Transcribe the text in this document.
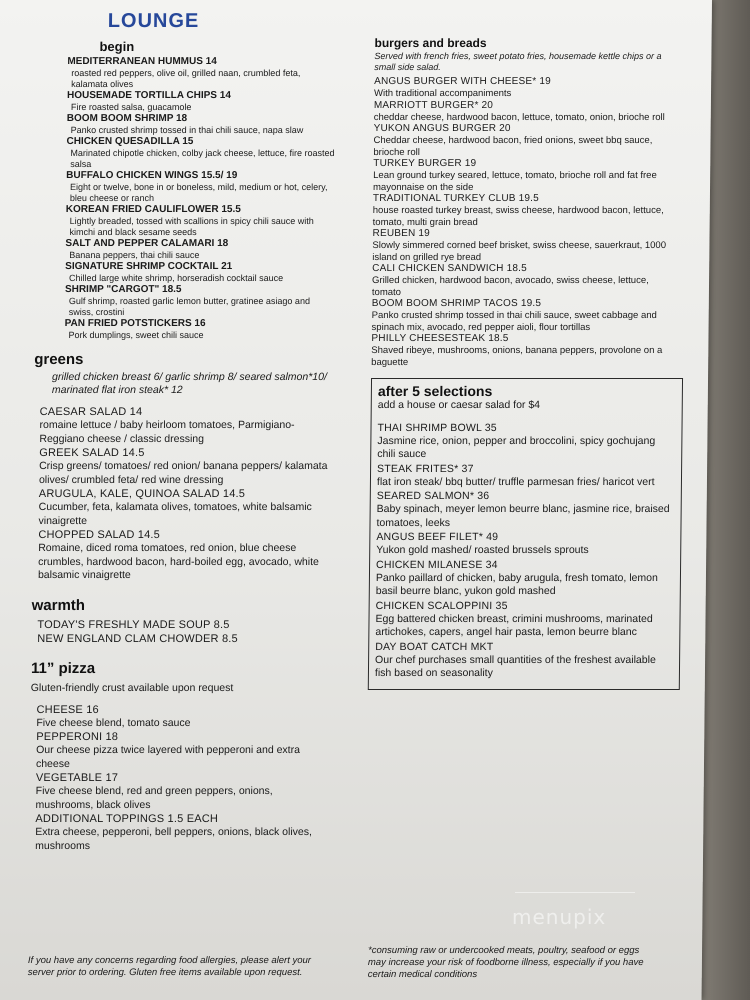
LOUNGE
begin
MEDITERRANEAN HUMMUS 14
roasted red peppers, olive oil, grilled naan, crumbled feta, kalamata olives
HOUSEMADE TORTILLA CHIPS 14
Fire roasted salsa, guacamole
BOOM BOOM SHRIMP 18
Panko crusted shrimp tossed in thai chili sauce, napa slaw
CHICKEN QUESADILLA 15
Marinated chipotle chicken, colby jack cheese, lettuce, fire roasted salsa
BUFFALO CHICKEN WINGS 15.5/ 19
Eight or twelve, bone in or boneless, mild, medium or hot, celery, bleu cheese or ranch
KOREAN FRIED CAULIFLOWER 15.5
Lightly breaded, tossed with scallions in spicy chili sauce with kimchi and black sesame seeds
SALT AND PEPPER CALAMARI 18
Banana peppers, thai chili sauce
SIGNATURE SHRIMP COCKTAIL 21
Chilled large white shrimp, horseradish cocktail sauce
SHRIMP "CARGOT" 18.5
Gulf shrimp, roasted garlic lemon butter, gratinee asiago and swiss, crostini
PAN FRIED POTSTICKERS 16
Pork dumplings, sweet chili sauce
greens
grilled chicken breast 6/ garlic shrimp 8/ seared salmon*10/ marinated flat iron steak* 12
CAESAR SALAD 14
romaine lettuce / baby heirloom tomatoes, Parmigiano-Reggiano cheese / classic dressing
GREEK SALAD 14.5
Crisp greens/ tomatoes/ red onion/ banana peppers/ kalamata olives/ crumbled feta/ red wine dressing
ARUGULA, KALE, QUINOA SALAD 14.5
Cucumber, feta, kalamata olives, tomatoes, white balsamic vinaigrette
CHOPPED SALAD 14.5
Romaine, diced roma tomatoes, red onion, blue cheese crumbles, hardwood bacon, hard-boiled egg, avocado, white balsamic vinaigrette
warmth
TODAY'S FRESHLY MADE SOUP 8.5
NEW ENGLAND CLAM CHOWDER 8.5
11” pizza
Gluten-friendly crust available upon request
CHEESE 16
Five cheese blend, tomato sauce
PEPPERONI 18
Our cheese pizza twice layered with pepperoni and extra cheese
VEGETABLE 17
Five cheese blend, red and green peppers, onions, mushrooms, black olives
ADDITIONAL TOPPINGS 1.5 EACH
Extra cheese, pepperoni, bell peppers, onions, black olives, mushrooms
burgers and breads
Served with french fries, sweet potato fries, housemade kettle chips or a small side salad.
ANGUS BURGER WITH CHEESE* 19
With traditional accompaniments
MARRIOTT BURGER* 20
cheddar cheese, hardwood bacon, lettuce, tomato, onion, brioche roll
YUKON ANGUS BURGER 20
Cheddar cheese, hardwood bacon, fried onions, sweet bbq sauce, brioche roll
TURKEY BURGER 19
Lean ground turkey seared, lettuce, tomato, brioche roll and fat free mayonnaise on the side
TRADITIONAL TURKEY CLUB 19.5
house roasted turkey breast, swiss cheese, hardwood bacon, lettuce, tomato, multi grain bread
REUBEN 19
Slowly simmered corned beef brisket, swiss cheese, sauerkraut, 1000 island on grilled rye bread
CALI CHICKEN SANDWICH 18.5
Grilled chicken, hardwood bacon, avocado, swiss cheese, lettuce, tomato
BOOM BOOM SHRIMP TACOS 19.5
Panko crusted shrimp tossed in thai chili sauce, sweet cabbage and spinach mix, avocado, red pepper aioli, flour tortillas
PHILLY CHEESESTEAK 18.5
Shaved ribeye, mushrooms, onions, banana peppers, provolone on a baguette
after 5 selections
add a house or caesar salad for $4
THAI SHRIMP BOWL 35
Jasmine rice, onion, pepper and broccolini, spicy gochujang chili sauce
STEAK FRITES* 37
flat iron steak/ bbq butter/ truffle parmesan fries/ haricot vert
SEARED SALMON* 36
Baby spinach, meyer lemon beurre blanc, jasmine rice, braised tomatoes, leeks
ANGUS BEEF FILET* 49
Yukon gold mashed/ roasted brussels sprouts
CHICKEN MILANESE 34
Panko paillard of chicken, baby arugula, fresh tomato, lemon basil beurre blanc, yukon gold mashed
CHICKEN SCALOPPINI 35
Egg battered chicken breast, crimini mushrooms, marinated artichokes, capers, angel hair pasta, lemon beurre blanc
DAY BOAT CATCH MKT
Our chef purchases small quantities of the freshest available fish based on seasonality
If you have any concerns regarding food allergies, please alert your server prior to ordering. Gluten free items available upon request.
*consuming raw or undercooked meats, poultry, seafood or eggs may increase your risk of foodborne illness, especially if you have certain medical conditions
menupix
